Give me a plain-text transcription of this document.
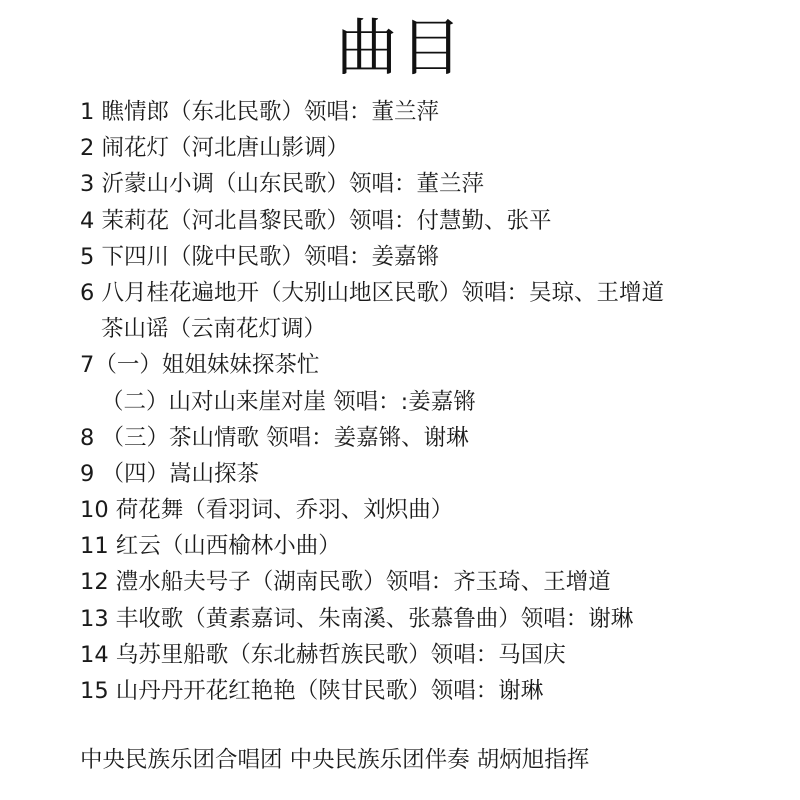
曲目
1 瞧情郎（东北民歌）领唱：董兰萍
2 闹花灯（河北唐山影调）
3 沂蒙山小调（山东民歌）领唱：董兰萍
4 茉莉花（河北昌黎民歌）领唱：付慧勤、张平
5 下四川（陇中民歌）领唱：姜嘉锵
6 八月桂花遍地开（大别山地区民歌）领唱：吴琼、王增道
茶山谣（云南花灯调）
7（一）姐姐妹妹探茶忙
（二）山对山来崖对崖 领唱：:姜嘉锵
8 （三）茶山情歌 领唱：姜嘉锵、谢琳
9 （四）嵩山探茶
10 荷花舞（看羽词、乔羽、刘炽曲）
11 红云（山西榆林小曲）
12 澧水船夫号子（湖南民歌）领唱：齐玉琦、王增道
13 丰收歌（黄素嘉词、朱南溪、张慕鲁曲）领唱：谢琳
14 乌苏里船歌（东北赫哲族民歌）领唱：马国庆
15 山丹丹开花红艳艳（陕甘民歌）领唱：谢琳
中央民族乐团合唱团 中央民族乐团伴奏 胡炳旭指挥
